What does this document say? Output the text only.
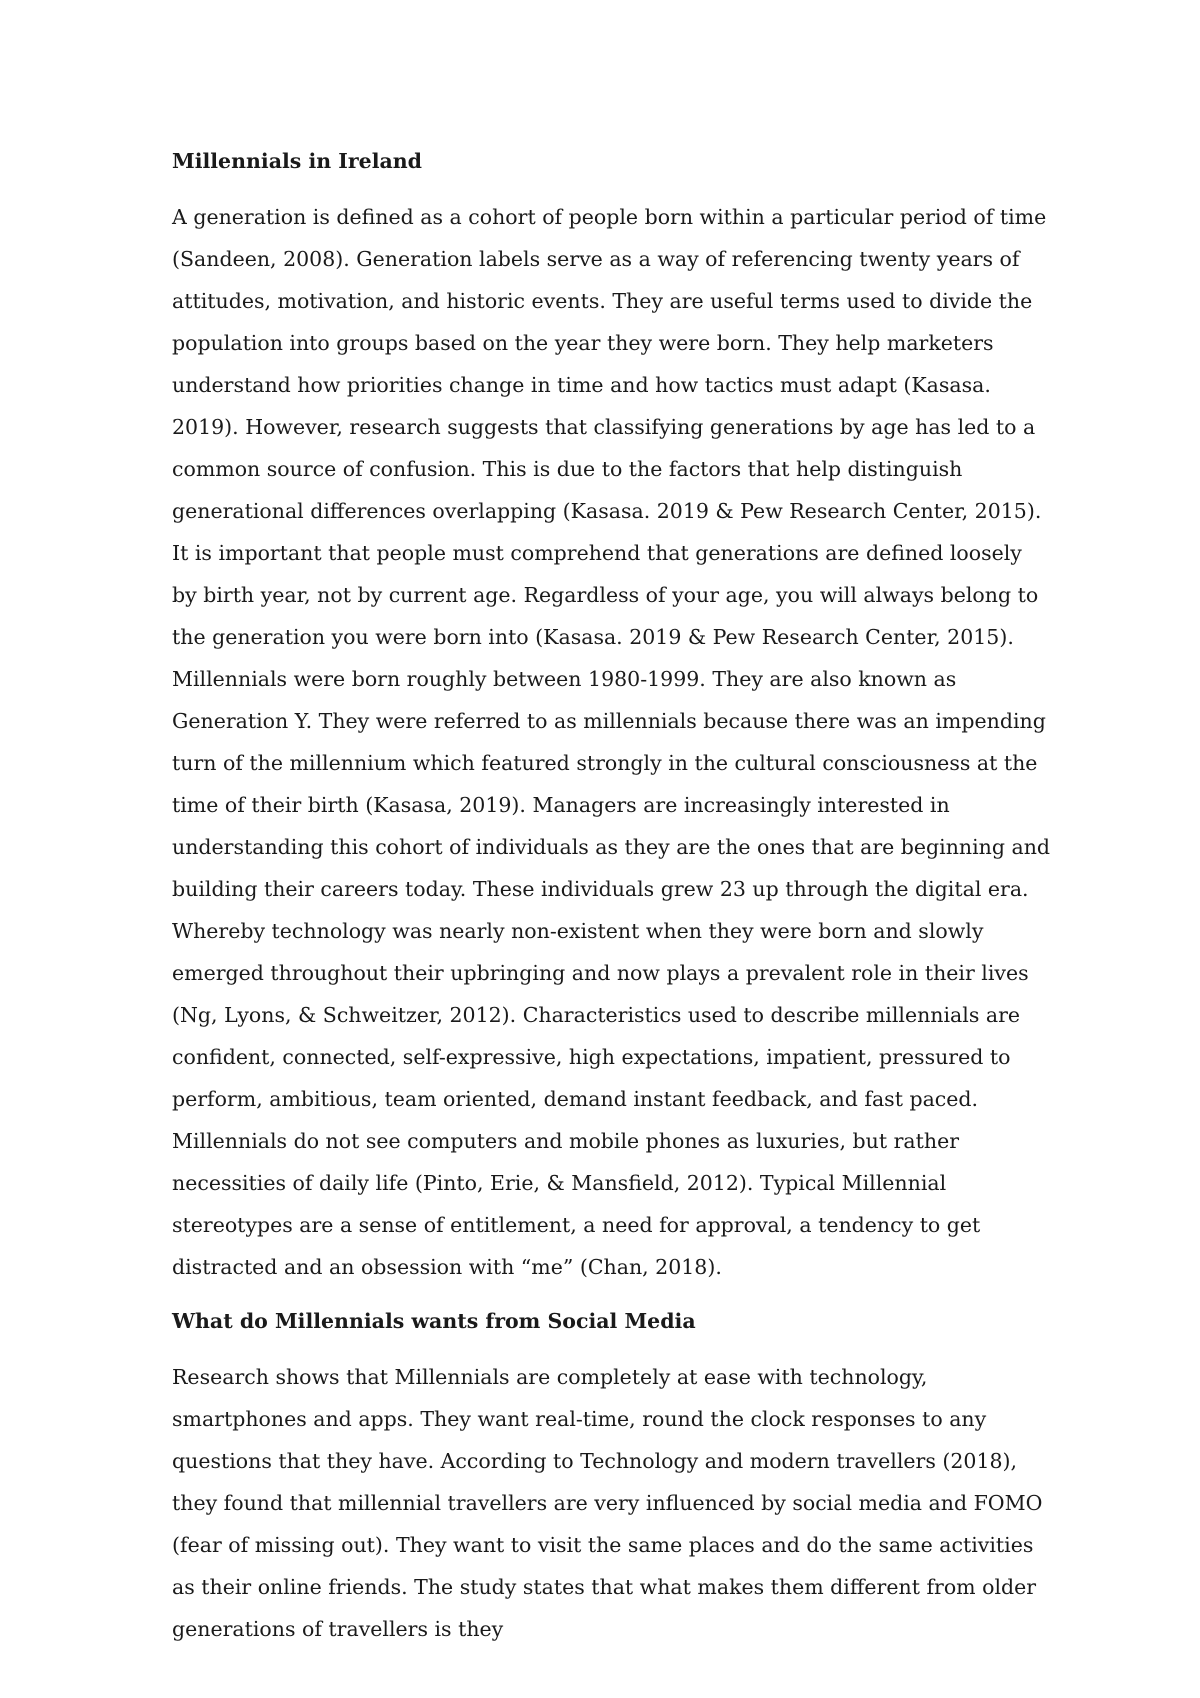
Millennials in Ireland

A generation is defined as a cohort of people born within a particular period of time (Sandeen, 2008). Generation labels serve as a way of referencing twenty years of attitudes, motivation, and historic events. They are useful terms used to divide the population into groups based on the year they were born. They help marketers understand how priorities change in time and how tactics must adapt (Kasasa. 2019). However, research suggests that classifying generations by age has led to a common source of confusion. This is due to the factors that help distinguish generational differences overlapping (Kasasa. 2019 & Pew Research Center, 2015). It is important that people must comprehend that generations are defined loosely by birth year, not by current age. Regardless of your age, you will always belong to the generation you were born into (Kasasa. 2019 & Pew Research Center, 2015). Millennials were born roughly between 1980-1999. They are also known as Generation Y. They were referred to as millennials because there was an impending turn of the millennium which featured strongly in the cultural consciousness at the time of their birth (Kasasa, 2019). Managers are increasingly interested in understanding this cohort of individuals as they are the ones that are beginning and building their careers today. These individuals grew 23 up through the digital era. Whereby technology was nearly non-existent when they were born and slowly emerged throughout their upbringing and now plays a prevalent role in their lives (Ng, Lyons, & Schweitzer, 2012). Characteristics used to describe millennials are confident, connected, self-expressive, high expectations, impatient, pressured to perform, ambitious, team oriented, demand instant feedback, and fast paced. Millennials do not see computers and mobile phones as luxuries, but rather necessities of daily life (Pinto, Erie, & Mansfield, 2012). Typical Millennial stereotypes are a sense of entitlement, a need for approval, a tendency to get distracted and an obsession with “me” (Chan, 2018).

What do Millennials wants from Social Media

Research shows that Millennials are completely at ease with technology, smartphones and apps. They want real-time, round the clock responses to any questions that they have. According to Technology and modern travellers (2018), they found that millennial travellers are very influenced by social media and FOMO (fear of missing out). They want to visit the same places and do the same activities as their online friends. The study states that what makes them different from older generations of travellers is they
